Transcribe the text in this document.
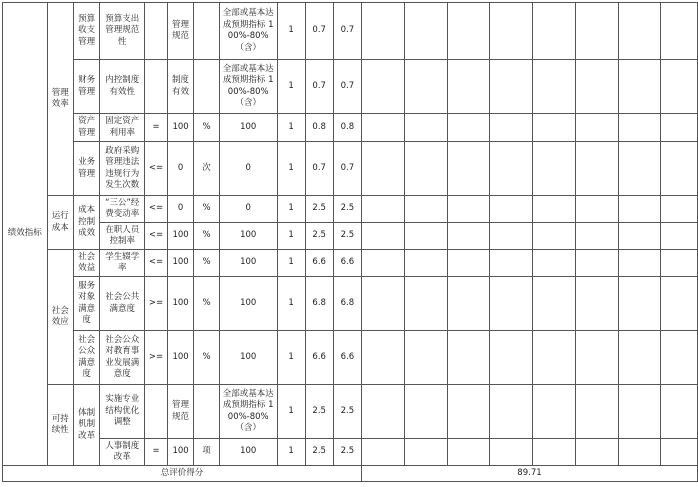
绩效指标	管理效率	预算收支管理	预算支出管理规范性		管理规范		全部或基本达成预期指标 100%-80%（含）	1	0.7	0.7								
		财务管理	内控制度有效性		制度有效		全部或基本达成预期指标 100%-80%（含）	1	0.7	0.7								
		资产管理	固定资产利用率	=	100	%	100	1	0.8	0.8								
		业务管理	政府采购管理违法违规行为发生次数	<=	0	次	0	1	0.7	0.7								
	运行成本	成本控制成效	“三公”经费变动率	<=	0	%	0	1	2.5	2.5								
			在职人员控制率	<=	100	%	100	1	2.5	2.5								
	社会效应	社会效益	学生辍学率	<=	100	%	100	1	6.6	6.6								
		服务对象满意度	社会公共满意度	>=	100	%	100	1	6.8	6.8								
		社会公众满意度	社会公众对教育事业发展满意度	>=	100	%	100	1	6.6	6.6								
	可持续性	体制机制改革	实施专业结构优化调整		管理规范		全部或基本达成预期指标 100%-80%（含）	1	2.5	2.5								
			人事制度改革	=	100	项	100	1	2.5	2.5								
总评价得分											89.71							
